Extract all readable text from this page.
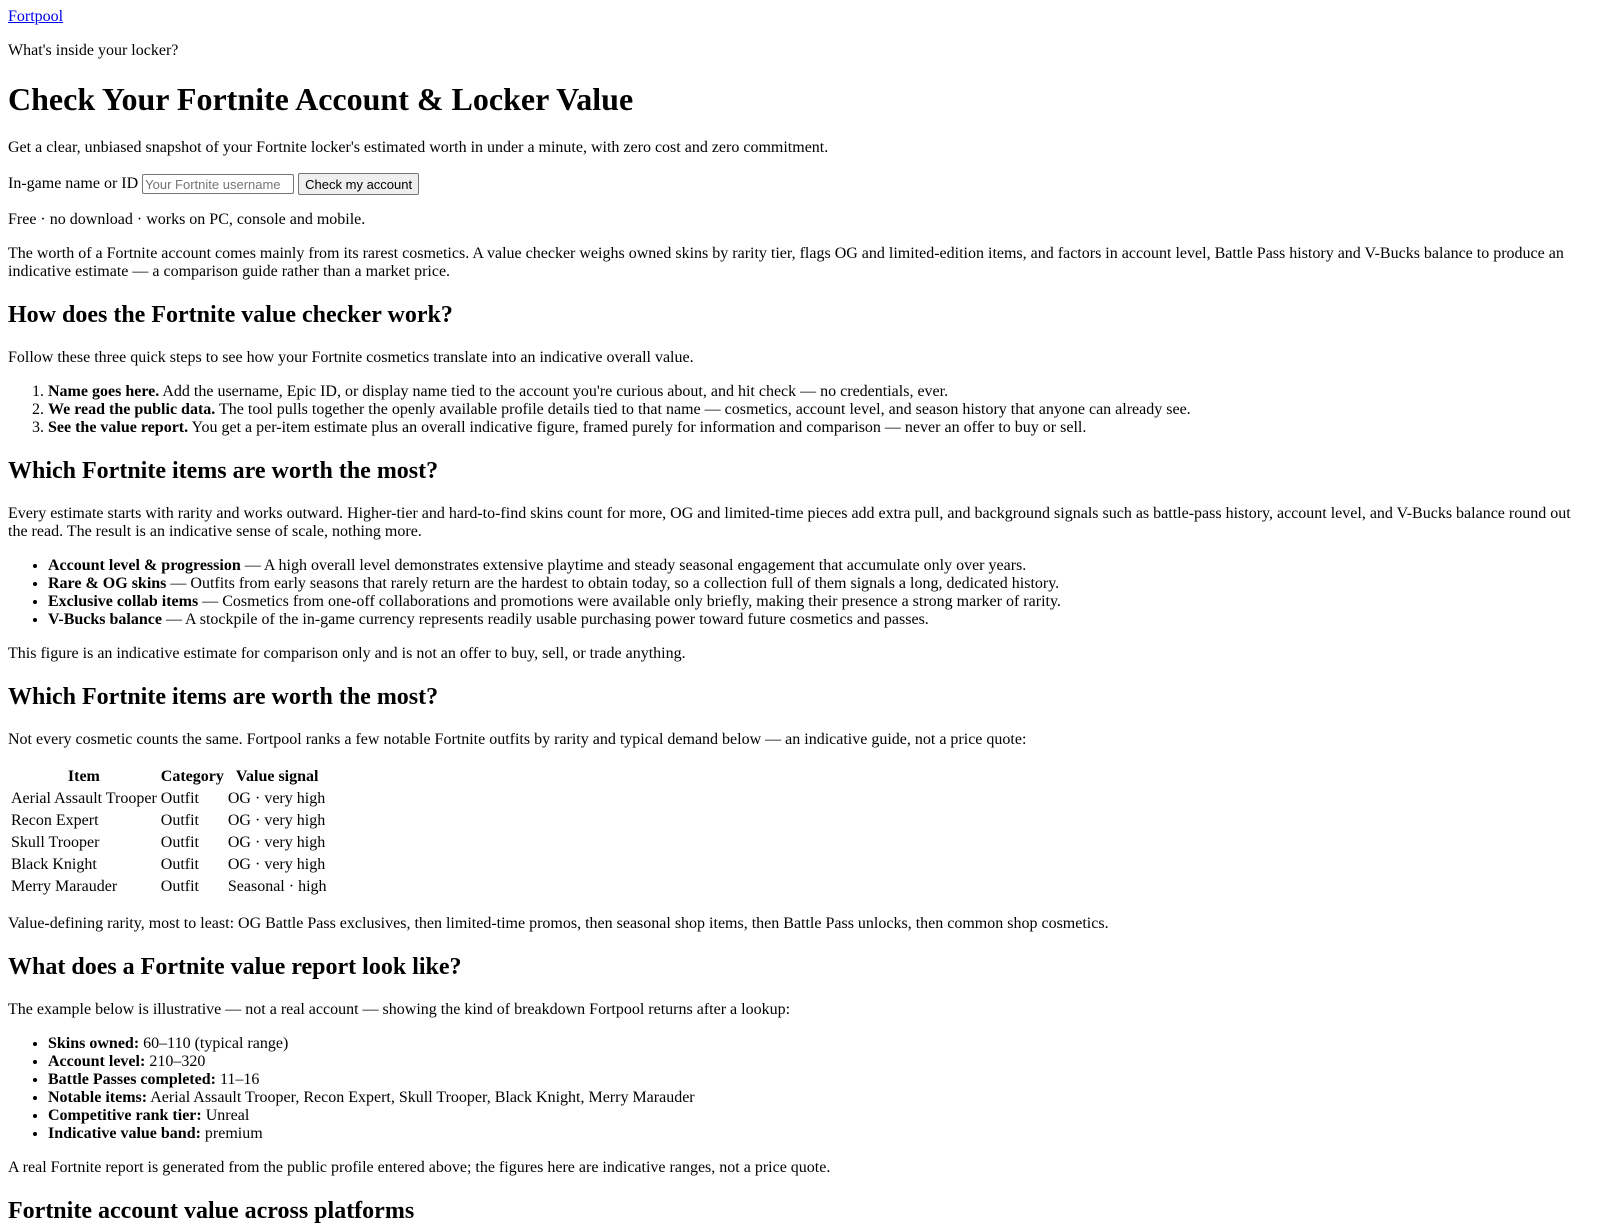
Fortpool

What's inside your locker?

Check Your Fortnite Account & Locker Value

Get a clear, unbiased snapshot of your Fortnite locker's estimated worth in under a minute, with zero cost and zero commitment.

In-game name or ID
Your Fortnite username	Check my account

Free · no download · works on PC, console and mobile.

The worth of a Fortnite account comes mainly from its rarest cosmetics. A value checker weighs owned skins by rarity tier, flags OG and limited-edition items, and factors in account level, Battle Pass history and V-Bucks balance to produce an indicative estimate — a comparison guide rather than a market price.

How does the Fortnite value checker work?

Follow these three quick steps to see how your Fortnite cosmetics translate into an indicative overall value.

1. Name goes here. Add the username, Epic ID, or display name tied to the account you're curious about, and hit check — no credentials, ever.
2. We read the public data. The tool pulls together the openly available profile details tied to that name — cosmetics, account level, and season history that anyone can already see.
3. See the value report. You get a per-item estimate plus an overall indicative figure, framed purely for information and comparison — never an offer to buy or sell.
Which Fortnite items are worth the most?

Every estimate starts with rarity and works outward. Higher-tier and hard-to-find skins count for more, OG and limited-time pieces add extra pull, and background signals such as battle-pass history, account level, and V-Bucks balance round out the read. The result is an indicative sense of scale, nothing more.

• Account level & progression — A high overall level demonstrates extensive playtime and steady seasonal engagement that accumulate only over years.
• Rare & OG skins — Outfits from early seasons that rarely return are the hardest to obtain today, so a collection full of them signals a long, dedicated history.
• Exclusive collab items — Cosmetics from one-off collaborations and promotions were available only briefly, making their presence a strong marker of rarity.
• V-Bucks balance — A stockpile of the in-game currency represents readily usable purchasing power toward future cosmetics and passes.

This figure is an indicative estimate for comparison only and is not an offer to buy, sell, or trade anything.

Which Fortnite items are worth the most?

Not every cosmetic counts the same. Fortpool ranks a few notable Fortnite outfits by rarity and typical demand below — an indicative guide, not a price quote:

Item	Category	Value signal
Aerial Assault Trooper	Outfit	OG · very high
Recon Expert	Outfit	OG · very high
Skull Trooper	Outfit	OG · very high
Black Knight	Outfit	OG · very high
Merry Marauder	Outfit	Seasonal · high

Value-defining rarity, most to least: OG Battle Pass exclusives, then limited-time promos, then seasonal shop items, then Battle Pass unlocks, then common shop cosmetics.

What does a Fortnite value report look like?

The example below is illustrative — not a real account — showing the kind of breakdown Fortpool returns after a lookup:

• Skins owned: 60–110 (typical range)
• Account level: 210–320
• Battle Passes completed: 11–16
• Notable items: Aerial Assault Trooper, Recon Expert, Skull Trooper, Black Knight, Merry Marauder
• Competitive rank tier: Unreal
• Indicative value band: premium

A real Fortnite report is generated from the public profile entered above; the figures here are indicative ranges, not a price quote.

Fortnite account value across platforms
